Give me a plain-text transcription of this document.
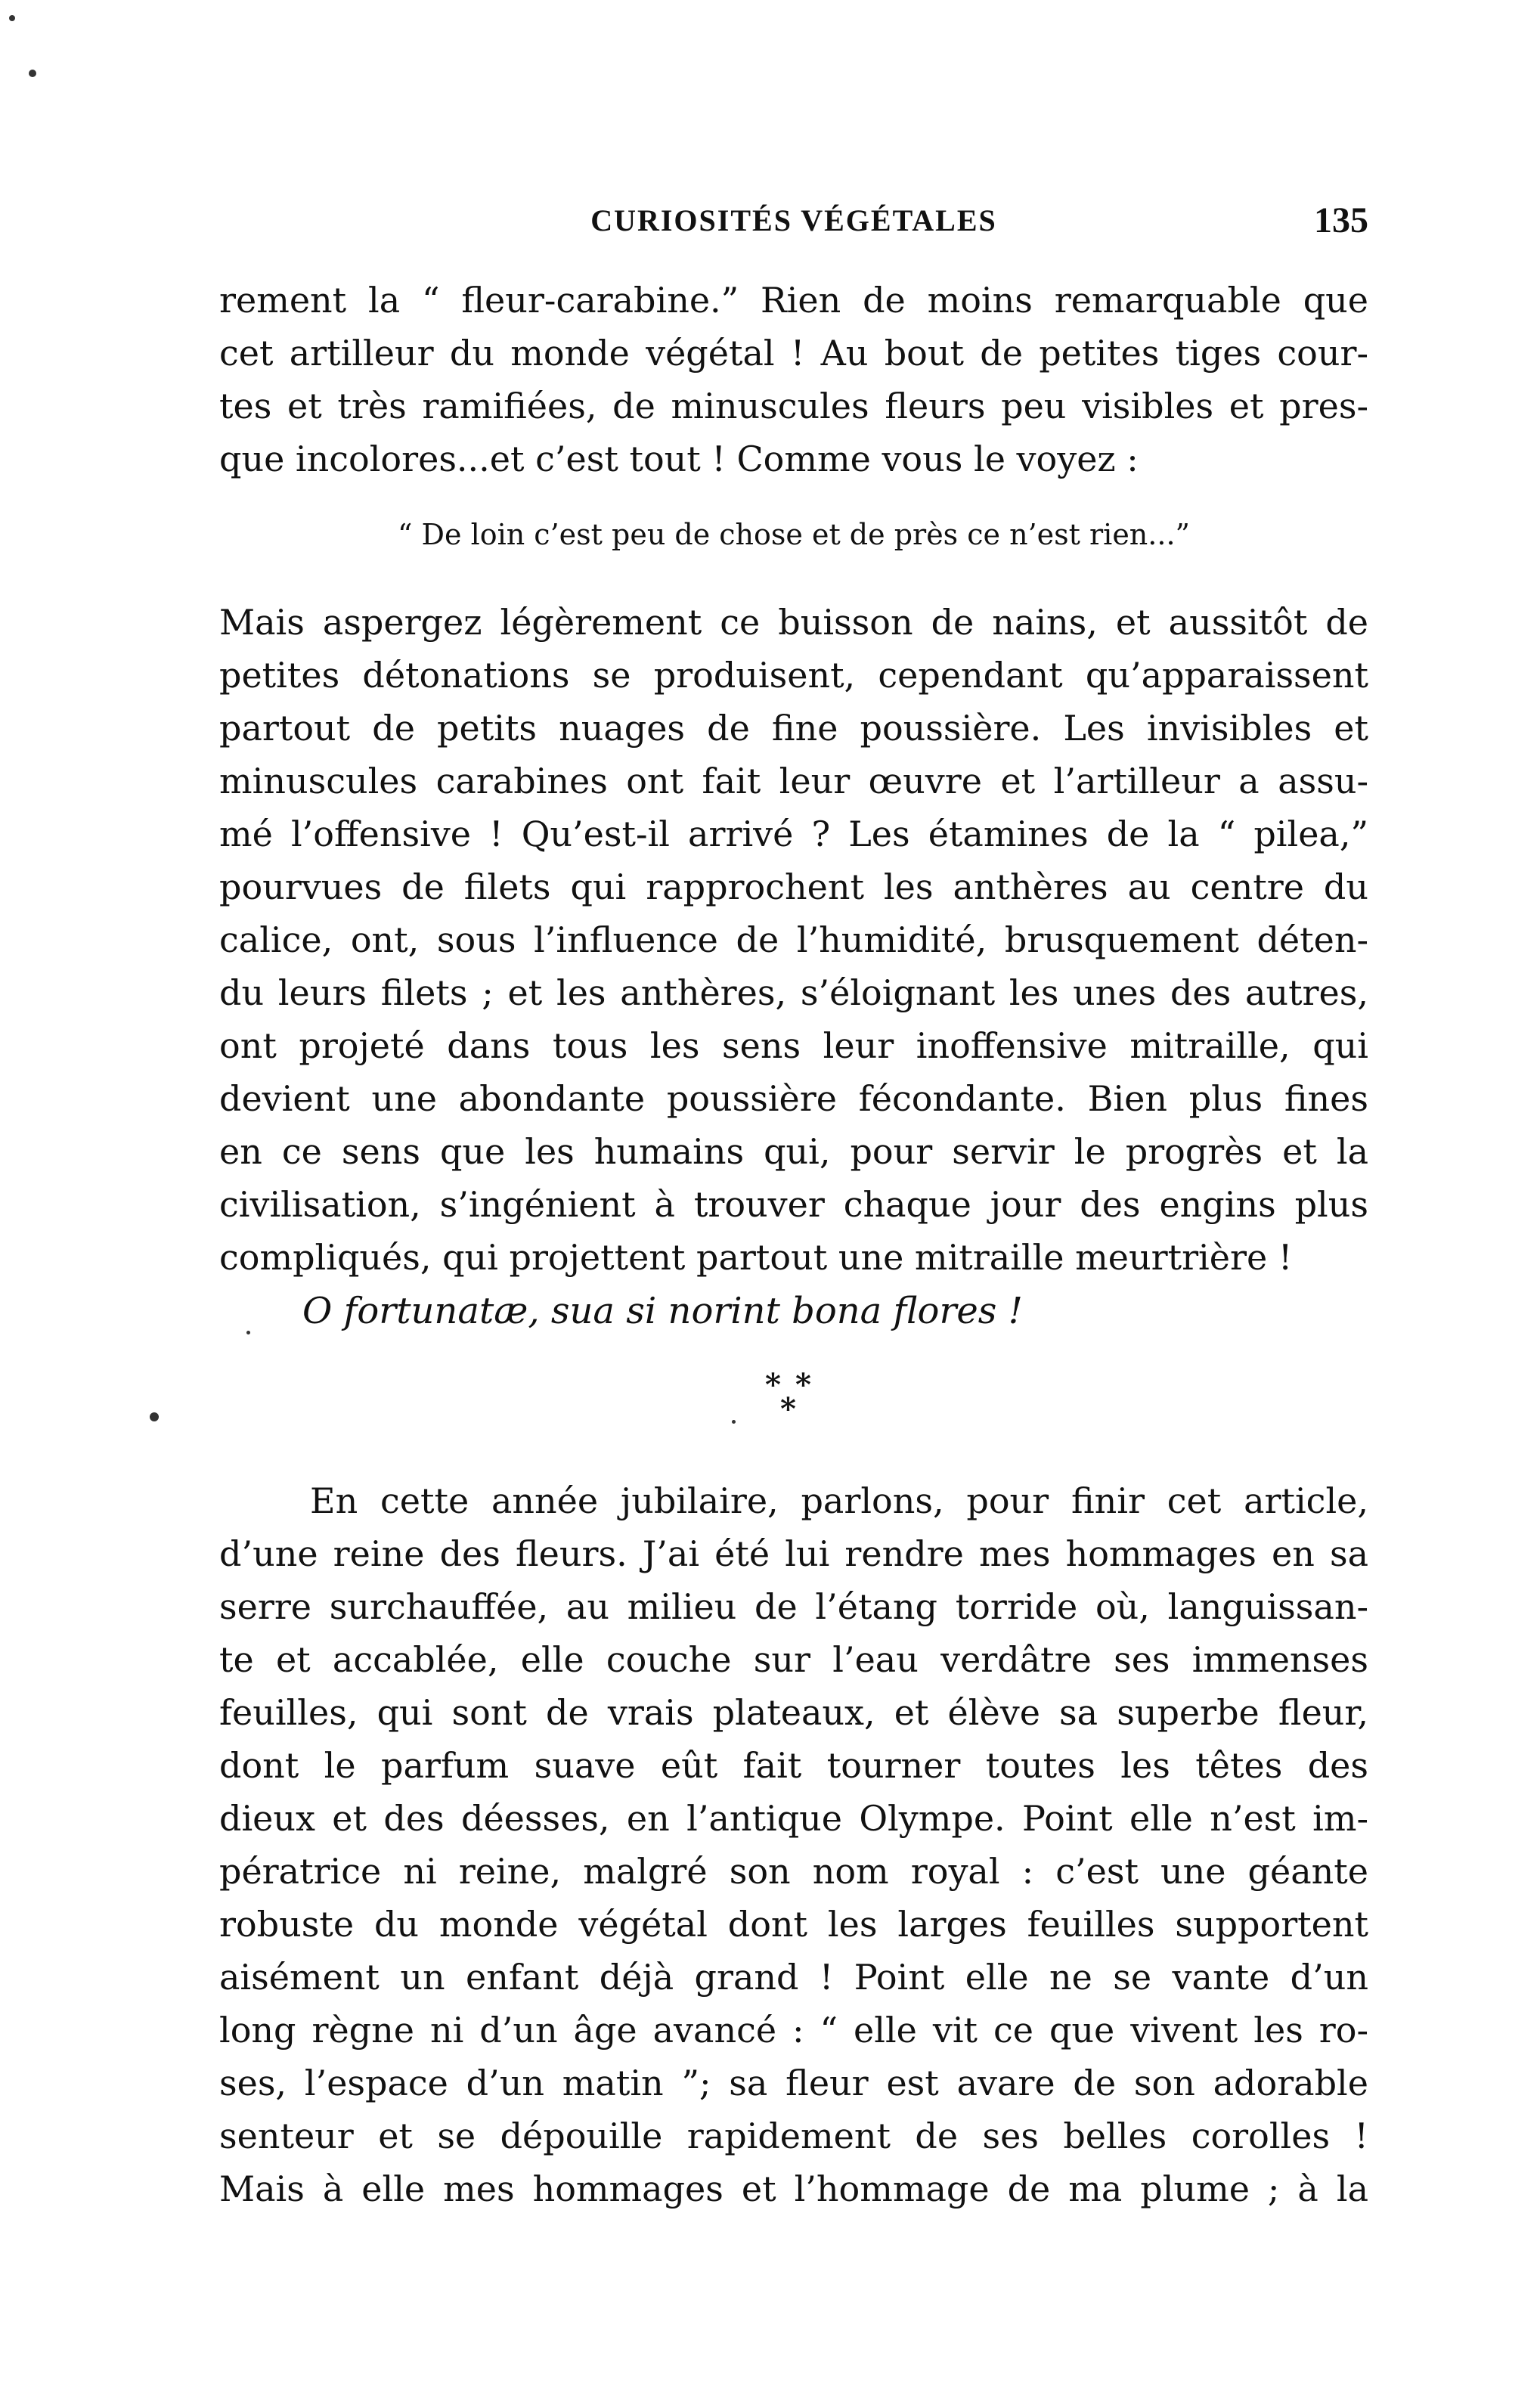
CURIOSITÉS VÉGÉTALES	135
rement la “ fleur-carabine.” Rien de moins remarquable que
cet artilleur du monde végétal ! Au bout de petites tiges cour-
tes et très ramifiées, de minuscules fleurs peu visibles et pres-
que incolores...et c’est tout ! Comme vous le voyez :
“ De loin c’est peu de chose et de près ce n’est rien...”
Mais aspergez légèrement ce buisson de nains, et aussitôt de
petites détonations se produisent, cependant qu’apparaissent
partout de petits nuages de fine poussière. Les invisibles et
minuscules carabines ont fait leur œuvre et l’artilleur a assu-
mé l’offensive ! Qu’est-il arrivé ? Les étamines de la “ pilea,”
pourvues de filets qui rapprochent les anthères au centre du
calice, ont, sous l’influence de l’humidité, brusquement déten-
du leurs filets ; et les anthères, s’éloignant les unes des autres,
ont projeté dans tous les sens leur inoffensive mitraille, qui
devient une abondante poussière fécondante. Bien plus fines
en ce sens que les humains qui, pour servir le progrès et la
civilisation, s’ingénient à trouver chaque jour des engins plus
compliqués, qui projettent partout une mitraille meurtrière !
O fortunatæ, sua si norint bona flores !
* *
*
En cette année jubilaire, parlons, pour finir cet article,
d’une reine des fleurs. J’ai été lui rendre mes hommages en sa
serre surchauffée, au milieu de l’étang torride où, languissan-
te et accablée, elle couche sur l’eau verdâtre ses immenses
feuilles, qui sont de vrais plateaux, et élève sa superbe fleur,
dont le parfum suave eût fait tourner toutes les têtes des
dieux et des déesses, en l’antique Olympe. Point elle n’est im-
pératrice ni reine, malgré son nom royal : c’est une géante
robuste du monde végétal dont les larges feuilles supportent
aisément un enfant déjà grand ! Point elle ne se vante d’un
long règne ni d’un âge avancé : “ elle vit ce que vivent les ro-
ses, l’espace d’un matin ”; sa fleur est avare de son adorable
senteur et se dépouille rapidement de ses belles corolles !
Mais à elle mes hommages et l’hommage de ma plume ; à la
